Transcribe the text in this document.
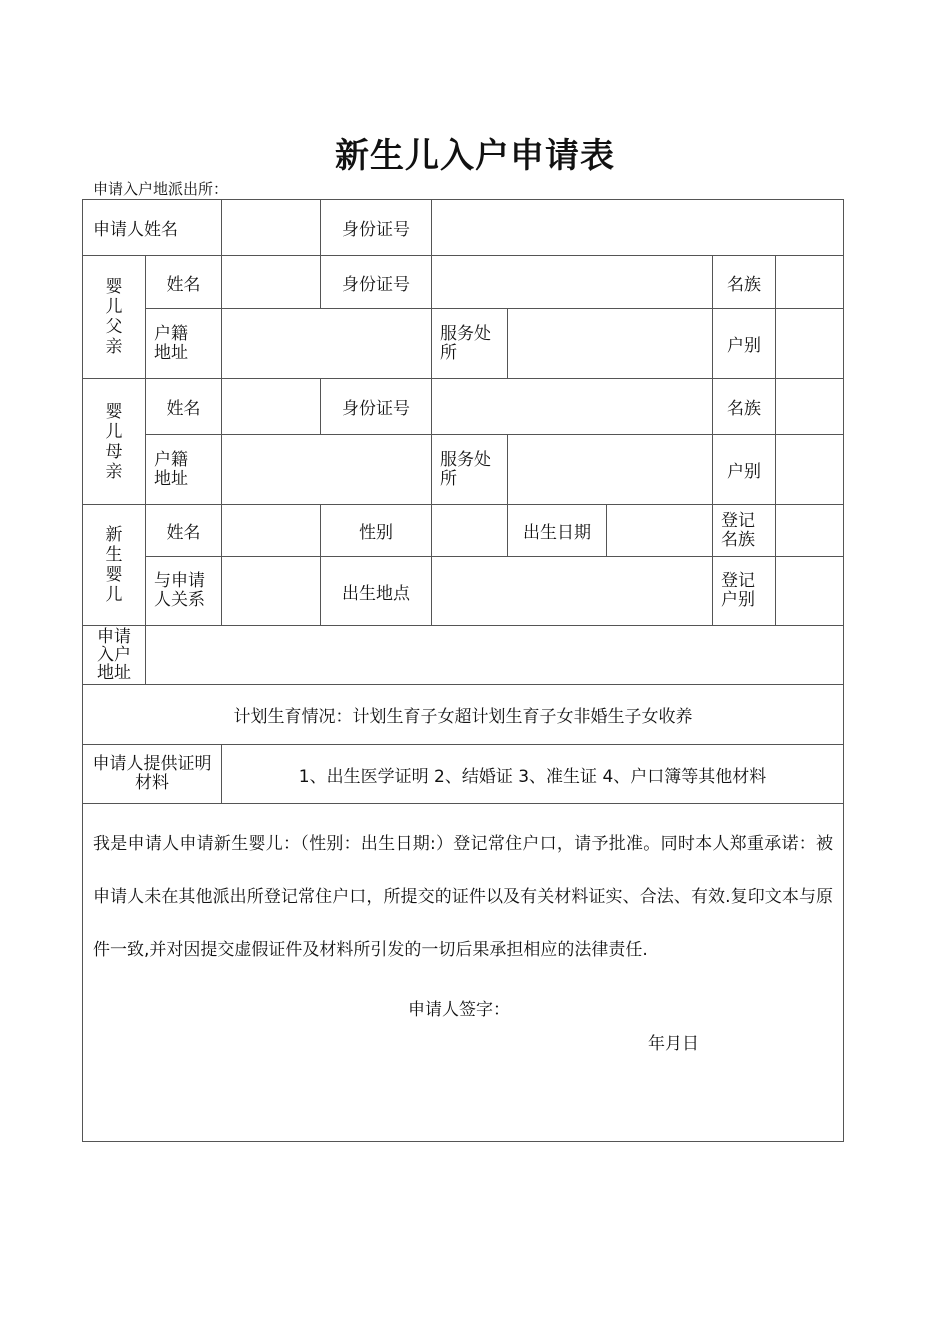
新生儿入户申请表
申请入户地派出所：
申请人姓名			身份证号					
婴儿父亲	姓名		身份证号				名族	
	户籍地址			服务处所			户别	
婴儿母亲	姓名		身份证号				名族	
	户籍地址			服务处所			户别	
新生婴儿	姓名		性别		出生日期		登记名族	
	与申请人关系		出生地点				登记户别	
申请入户地址								
计划生育情况：计划生育子女超计划生育子女非婚生子女收养								
申请人提供证明材料		1、出生医学证明 2、结婚证 3、准生证 4、户口簿等其他材料						

我是申请人申请新生婴儿：（性别：出生日期:）登记常住户口，请予批准。同时本人郑重承诺：被申请人未在其他派出所登记常住户口，所提交的证件以及有关材料证实、合法、有效.复印文本与原件一致,并对因提交虚假证件及材料所引发的一切后果承担相应的法律责任.

申请人签字：
年月日								
